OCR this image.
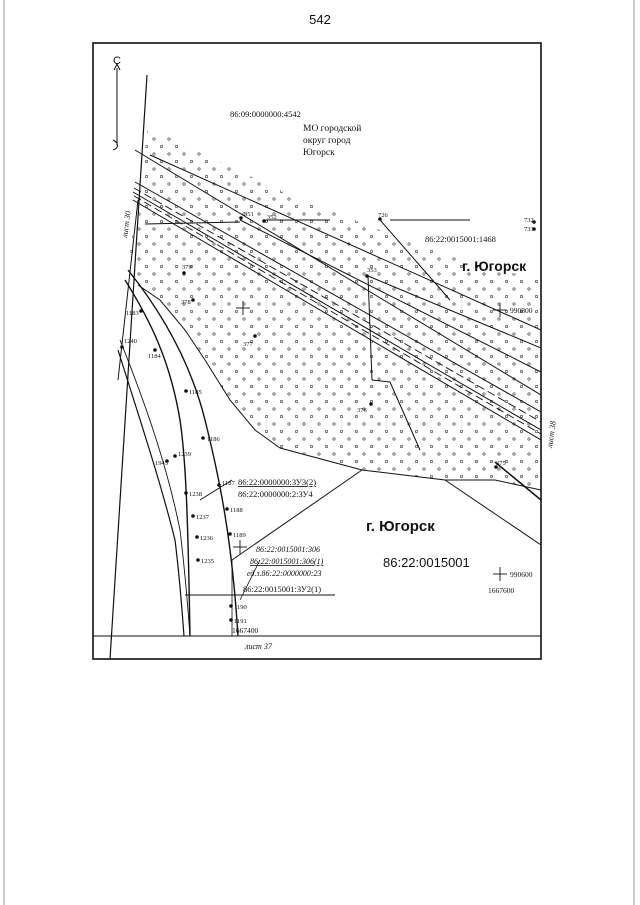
542
С
86:09:0000000:4542
МО городской
округ город
Югорск
86:22:0015001:1468
г. Югорск
г. Югорск
86:22:0015001
86:22:0000000:ЗУ3(2)
86:22:0000000:2:ЗУ4
86:22:0015001:306
86:22:0015001:306(1)
ед.з.86:22:0000000:23
86:22:0015001:ЗУ2(1)
990800
990600
1667600
1667400
лист 37
лист 30
лист 38
351 352	726
732
733
353
379
378
377
376
375
1183
1240
1184
1185
1186
1239
1943
1187
1238
1188
1237
1189
1236
1235
1190
1191
